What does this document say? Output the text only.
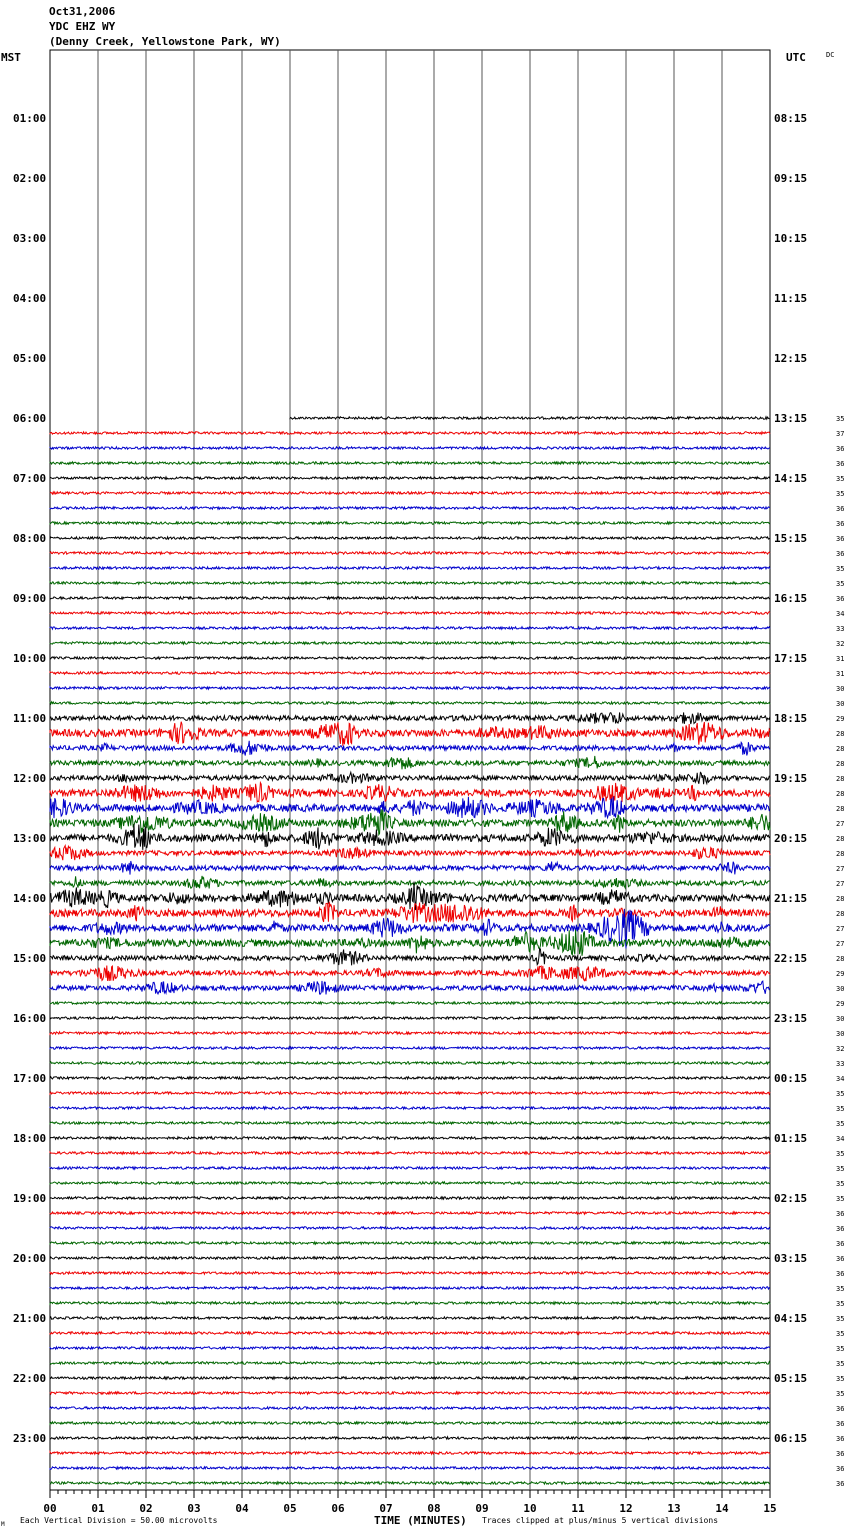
MST	UTC	DC
01:00
02:00
03:00
04:00
05:00
06:00
07:00
08:00
09:00
10:00
11:00
12:00
13:00
14:00
15:00
16:00
17:00
18:00
19:00
20:00
21:00
22:00
23:00
08:15
09:15
10:15
11:15
12:15
13:15
14:15
15:15
16:15
17:15
18:15
19:15
20:15
21:15
22:15
23:15
00:15
01:15
02:15
03:15
04:15
05:15
06:15
35
37
36
36
35
35
36
36
36
36
35
35
36
34
33
32
31
31
30
30
29
28
28
28
28
28
28
27
28
28
27
27
28
28
27
27
28
29
30
29
30
30
32
33
34
35
35
35
34
35
35
35
35
36
36
36
36
36
35
35
35
35
35
35
35
35
36
36
36
36
36
36
00	01	02	03	04	05	06	07	08	09	10	11	12	13	14	15
M Each Vertical Division = 50.00 microvolts	TIME (MINUTES) Traces clipped at plus/minus 5 vertical divisions
Oct31,2006
YDC EHZ WY
(Denny Creek, Yellowstone Park, WY)
